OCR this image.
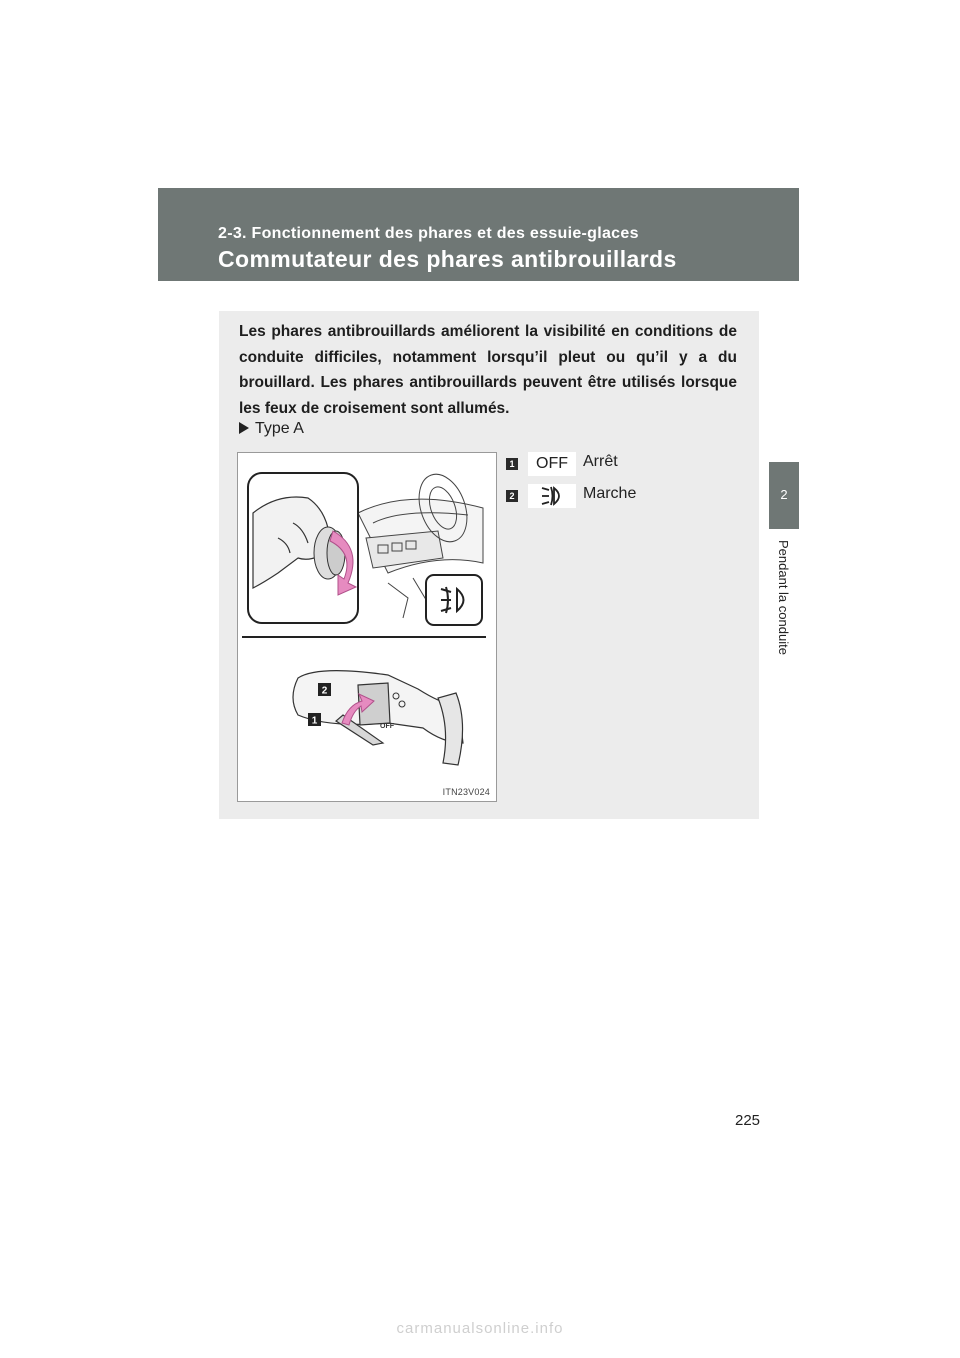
2-3. Fonctionnement des phares et des essuie-glaces
Commutateur des phares antibrouillards
2
Pendant la conduite
Les phares antibrouillards améliorent la visibilité en conditions de conduite difficiles, notamment lorsqu’il pleut ou qu’il y a du brouillard. Les phares antibrouillards peuvent être utilisés lorsque les feux de croisement sont allumés.
Type A
OFF
2
1
ITN23V024
1	OFF Arrêt
2	Marche
225
carmanualsonline.info
